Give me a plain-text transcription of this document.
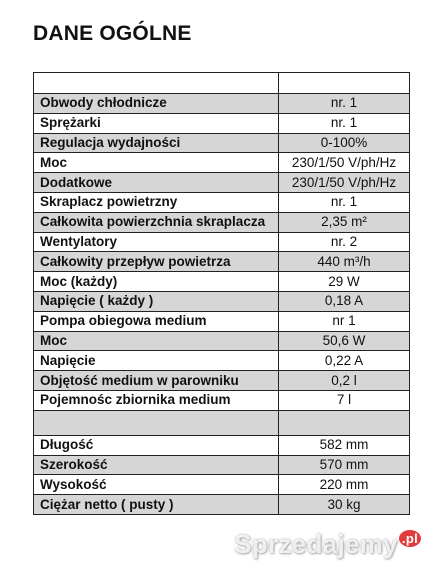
DANE OGÓLNE

Obwody chłodnicze	nr. 1
Sprężarki	nr. 1
Regulacja wydajności	0-100%
Moc	230/1/50 V/ph/Hz
Dodatkowe	230/1/50 V/ph/Hz
Skraplacz powietrzny	nr. 1
Całkowita powierzchnia skraplacza	2,35 m²
Wentylatory	nr. 2
Całkowity przepływ powietrza	440 m³/h
Moc (każdy)	29 W
Napięcie ( każdy )	0,18 A
Pompa obiegowa medium	nr 1
Moc	50,6 W
Napięcie	0,22 A
Objętość medium w parowniku	0,2 l
Pojemnośc zbiornika medium	7 l

Długość	582 mm
Szerokość	570 mm
Wysokość	220 mm
Ciężar netto ( pusty )	30 kg
Sprzedajemy $^{.pl}$
